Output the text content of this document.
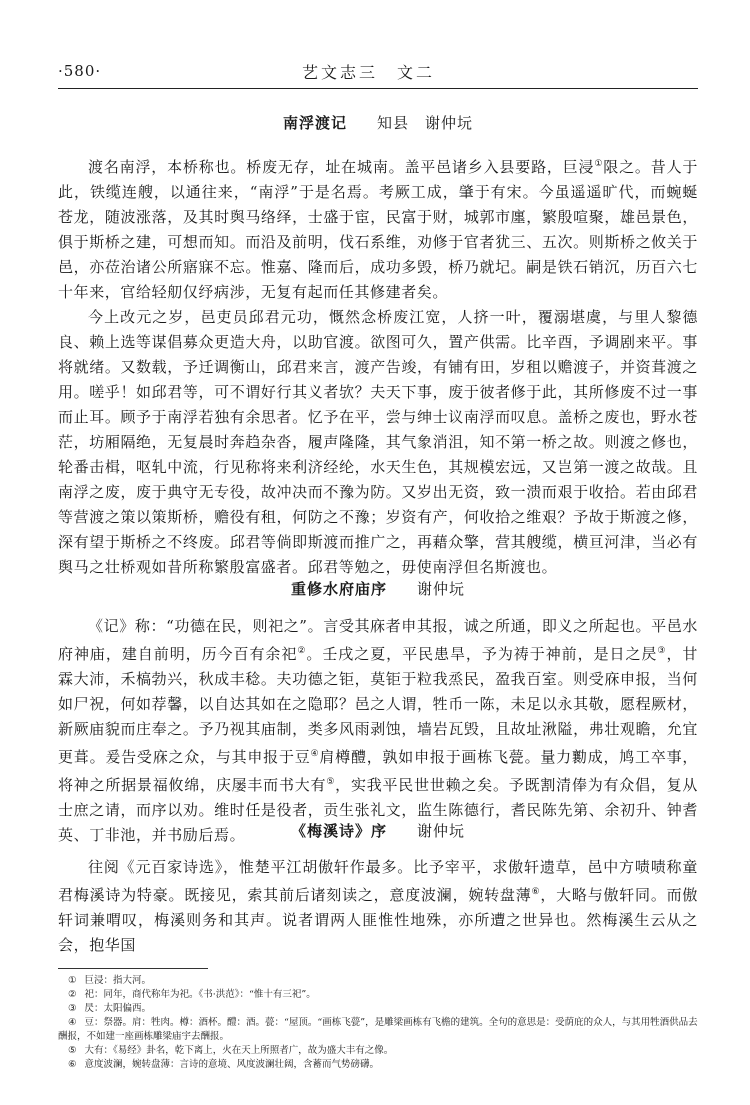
·580·	艺文志三　文二
南浮渡记 知县　谢仲坃

渡名南浮，本桥称也。桥废无存，址在城南。盖平邑诸乡入县要路，巨浸①限之。昔人于此，铁缆连艘，以通往来，“南浮”于是名焉。考厥工成，肇于有宋。今虽遥遥旷代，而蜿蜒苍龙，随波涨落，及其时舆马络绎，士盛于宦，民富于财，城郭市廛，繁殷喧聚，雄邑景色，俱于斯桥之建，可想而知。而沿及前明，伐石系维，劝修于官者犹三、五次。则斯桥之攸关于邑，亦莅治诸公所寤寐不忘。惟嘉、隆而后，成功多毁，桥乃就圮。嗣是铁石销沉，历百六七十年来，官给轻舠仅纾病涉，无复有起而任其修建者矣。

今上改元之岁，邑吏员邱君元功，慨然念桥废江宽，人挤一叶，覆溺堪虞，与里人黎德良、赖上选等谋倡募众更造大舟，以助官渡。欲图可久，置产供需。比辛酉，予调剧来平。事将就绪。又数载，予迁调衡山，邱君来言，渡产告竣，有铺有田，岁租以赡渡子，并资葺渡之用。嗟乎！如邱君等，可不谓好行其义者欤？夫天下事，废于彼者修于此，其所修废不过一事而止耳。顾予于南浮若独有余思者。忆予在平，尝与绅士议南浮而叹息。盖桥之废也，野水苍茫，坊厢隔绝，无复晨时奔趋杂沓，履声隆隆，其气象消沮，知不第一桥之故。则渡之修也，轮番击楫，呕轧中流，行见称将来利济经纶，水天生色，其规模宏远，又岂第一渡之故哉。且南浮之废，废于典守无专役，故冲决而不豫为防。又岁出无资，致一溃而艰于收拾。若由邱君等营渡之策以策斯桥，赡役有租，何防之不豫；岁资有产，何收拾之维艰？予故于斯渡之修，深有望于斯桥之不终废。邱君等倘即斯渡而推广之，再藉众擎，营其艘缆，横亘河津，当必有舆马之壮桥观如昔所称繁殷富盛者。邱君等勉之，毋使南浮但名斯渡也。

重修水府庙序 谢仲坃

《记》称：“功德在民，则祀之”。言受其庥者申其报，诚之所通，即义之所起也。平邑水府神庙，建自前明，历今百有余祀②。壬戌之夏，平民患旱，予为祷于神前，是日之昃③，甘霖大沛，禾槁勃兴，秋成丰稔。夫功德之钜，莫钜于粒我烝民，盈我百室。则受庥申报，当何如尸祝，何如荐馨，以自达其如在之隐耶？邑之人谓，牲币一陈，未足以永其敬，愿程厥材，新厥庙貌而庄奉之。予乃视其庙制，类多风雨剥蚀，墙岩瓦毁，且故址湫隘，弗壮观瞻，允宜更葺。爰告受庥之众，与其申报于豆④肩樽醴，孰如申报于画栋飞甍。量力勷成，鸠工卒事，将神之所据景福攸绵，庆屡丰而书大有⑤，实我平民世世赖之矣。予既割清俸为有众倡，复从士庶之请，而序以劝。维时任是役者，贡生张礼文，监生陈德行，耆民陈先第、余初升、钟耆英、丁非池，并书励后焉。	《梅溪诗》序 谢仲坃

往阅《元百家诗选》，惟楚平江胡傲轩作最多。比予宰平，求傲轩遗草，邑中方啧啧称童君梅溪诗为特豪。既接见，索其前后诸刻读之，意度波澜，婉转盘薄⑥，大略与傲轩同。而傲轩词兼喟叹，梅溪则务和其声。说者谓两人匪惟性地殊，亦所遭之世异也。然梅溪生云从之会，抱华国

① 巨浸：指大河。

② 祀：同年，商代称年为祀。《书·洪范》：“惟十有三祀”。

③ 昃：太阳偏西。

④ 豆：祭器。肩：牲肉。樽：酒杯。醴：酒。甍：“屋顶。“画栋飞甍”，是雕梁画栋有飞檐的建筑。全句的意思是：受荫庇的众人，与其用牲酒供品去酬报，不如建一座画栋雕梁庙宇去酬报。

⑤ 大有：《易经》卦名，乾下离上，火在天上所照者广，故为盛大丰有之像。

⑥ 意度波澜，婉转盘薄：言诗的意境、风度波澜壮阔，含蓄而气势磅礴。
